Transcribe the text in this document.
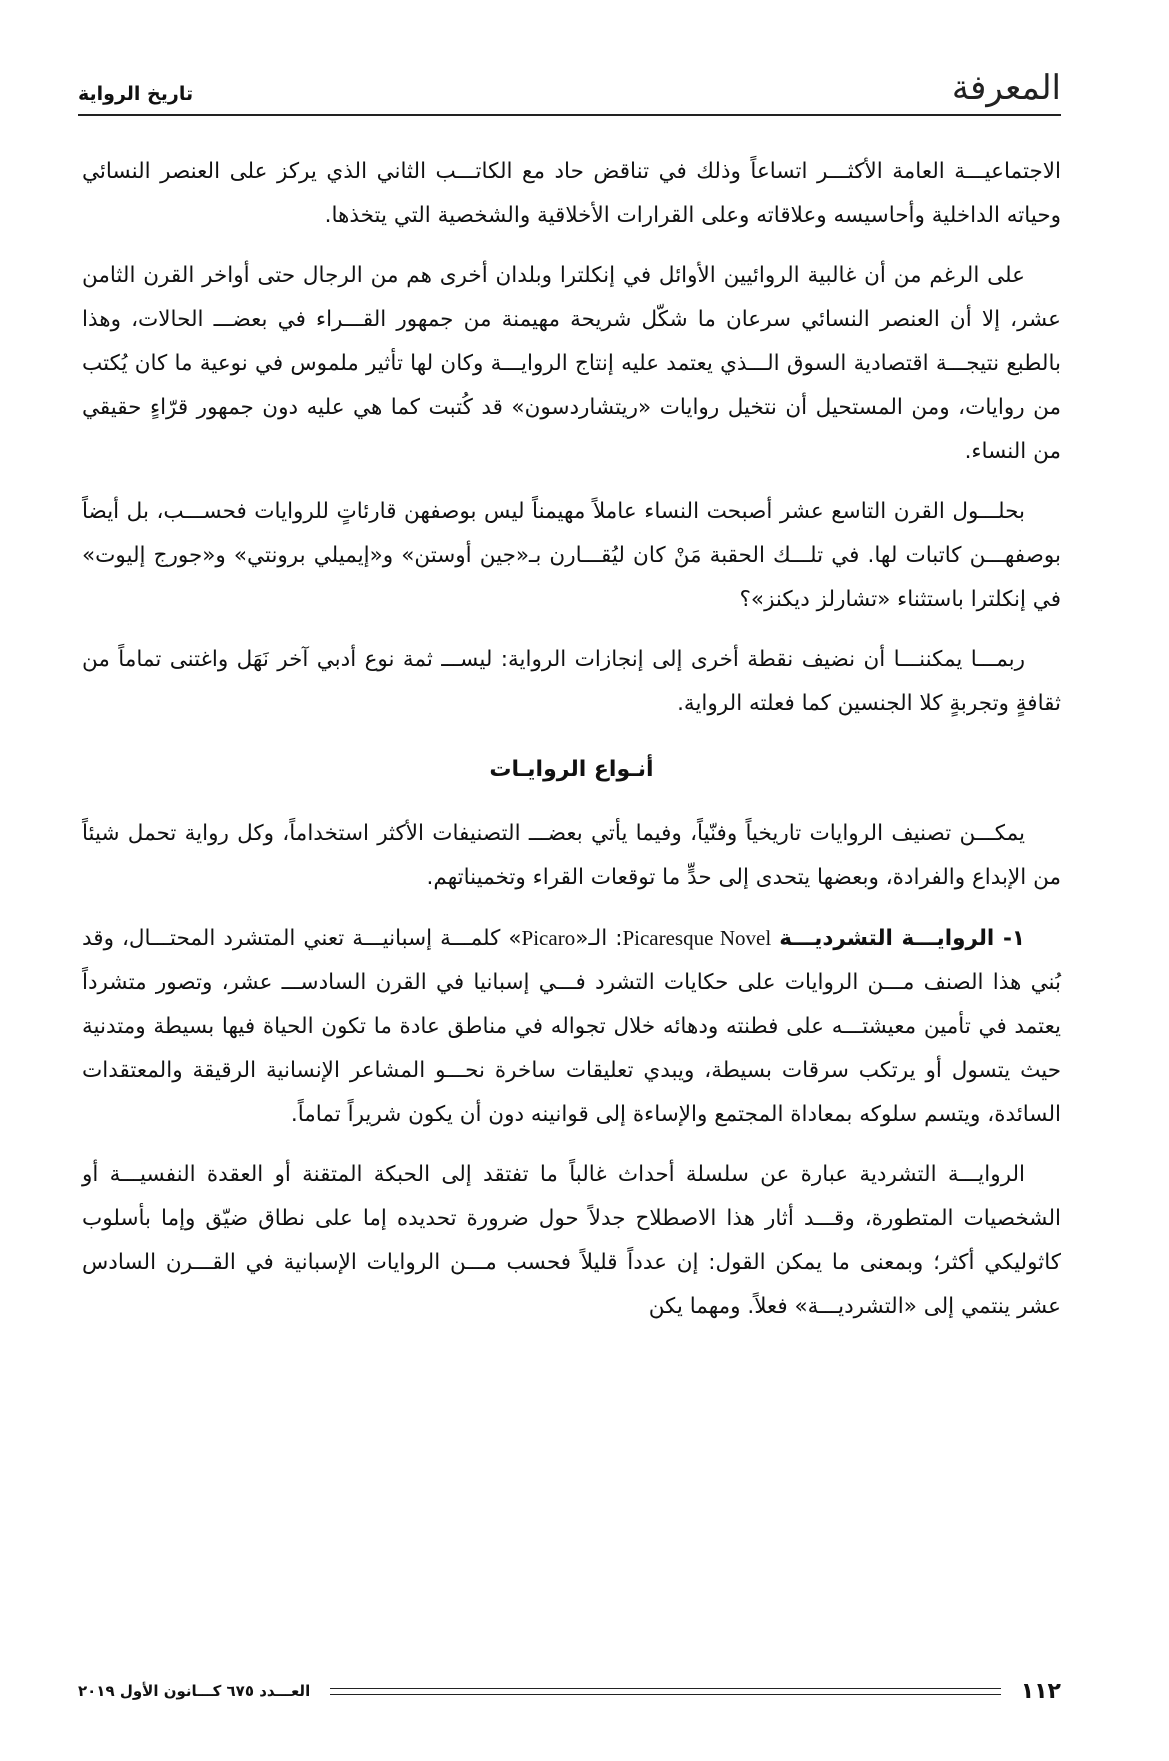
المعرفة
تاريخ الرواية

الاجتماعيـــة العامة الأكثـــر اتساعاً وذلك في تناقض حاد مع الكاتـــب الثاني الذي يركز على العنصر النسائي وحياته الداخلية وأحاسيسه وعلاقاته وعلى القرارات الأخلاقية والشخصية التي يتخذها.

على الرغم من أن غالبية الروائيين الأوائل في إنكلترا وبلدان أخرى هم من الرجال حتى أواخر القرن الثامن عشر، إلا أن العنصر النسائي سرعان ما شكّل شريحة مهيمنة من جمهور القـــراء في بعضـــ الحالات، وهذا بالطبع نتيجـــة اقتصادية السوق الـــذي يعتمد عليه إنتاج الروايـــة وكان لها تأثير ملموس في نوعية ما كان يُكتب من روايات، ومن المستحيل أن نتخيل روايات «ريتشاردسون» قد كُتبت كما هي عليه دون جمهور قرّاءٍ حقيقي من النساء.

بحلـــول القرن التاسع عشر أصبحت النساء عاملاً مهيمناً ليس بوصفهن قارئاتٍ للروايات فحســـب، بل أيضاً بوصفهـــن كاتبات لها. في تلـــك الحقبة مَنْ كان ليُقـــارن بـ«جين أوستن» و«إيميلي برونتي» و«جورج إليوت» في إنكلترا باستثناء «تشارلز ديكنز»؟

ربمـــا يمكننـــا أن نضيف نقطة أخرى إلى إنجازات الرواية: ليســـ ثمة نوع أدبي آخر نَهَل واغتنى تماماً من ثقافةٍ وتجربةٍ كلا الجنسين كما فعلته الرواية.

أنـواع الروايـات

يمكـــن تصنيف الروايات تاريخياً وفنّياً، وفيما يأتي بعضـــ التصنيفات الأكثر استخداماً، وكل رواية تحمل شيئاً من الإبداع والفرادة، وبعضها يتحدى إلى حدٍّ ما توقعات القراء وتخميناتهم.

١- الروايـــة التشرديـــة Picaresque Novel: الـ«Picaro» كلمـــة إسبانيـــة تعني المتشرد المحتـــال، وقد بُني هذا الصنف مـــن الروايات على حكايات التشرد فـــي إسبانيا في القرن السادســـ عشر، وتصور متشرداً يعتمد في تأمين معيشتـــه على فطنته ودهائه خلال تجواله في مناطق عادة ما تكون الحياة فيها بسيطة ومتدنية حيث يتسول أو يرتكب سرقات بسيطة، ويبدي تعليقات ساخرة نحـــو المشاعر الإنسانية الرقيقة والمعتقدات السائدة، ويتسم سلوكه بمعاداة المجتمع والإساءة إلى قوانينه دون أن يكون شريراً تماماً.

الروايـــة التشردية عبارة عن سلسلة أحداث غالباً ما تفتقد إلى الحبكة المتقنة أو العقدة النفسيـــة أو الشخصيات المتطورة، وقـــد أثار هذا الاصطلاح جدلاً حول ضرورة تحديده إما على نطاق ضيّق وإما بأسلوب كاثوليكي أكثر؛ وبمعنى ما يمكن القول: إن عدداً قليلاً فحسب مـــن الروايات الإسبانية في القـــرن السادس عشر ينتمي إلى «التشرديـــة» فعلاً. ومهما يكن

١١٢
العـــدد ٦٧٥ كـــانون الأول ٢٠١٩
